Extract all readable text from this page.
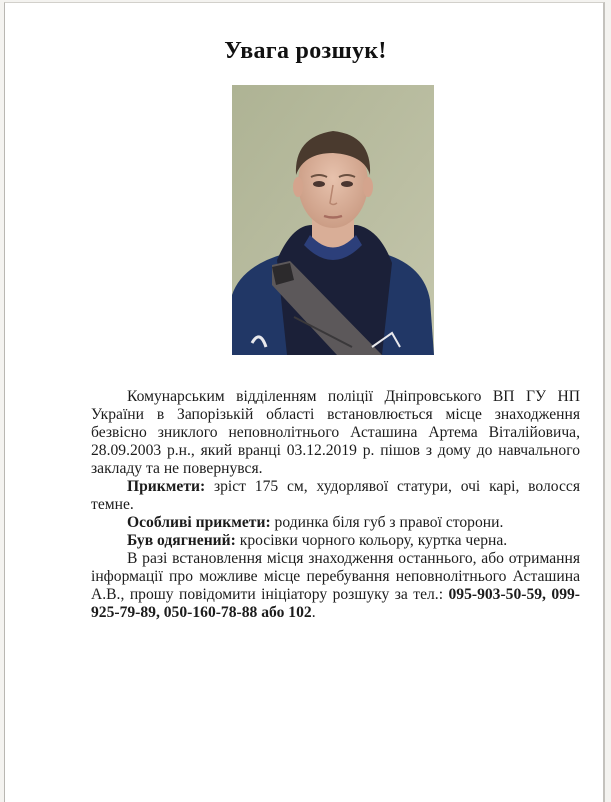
Увага розшук!

Комунарським відділенням поліції Дніпровського ВП ГУ НП України в Запорізькій області встановлюється місце знаходження безвісно зниклого неповнолітнього Асташина Артема Віталійовича, 28.09.2003 р.н., який вранці 03.12.2019 р. пішов з дому до навчального закладу та не повернувся.

Прикмети: зріст 175 см, худорлявої статури, очі карі, волосся темне.

Особливі прикмети: родинка біля губ з правої сторони.

Був одягнений: кросівки чорного кольору, куртка черна.

В разі встановлення місця знаходження останнього, або отримання інформації про можливе місце перебування неповнолітнього Асташина А.В., прошу повідомити ініціатору розшуку за тел.: 095-903-50-59, 099-925-79-89, 050-160-78-88 або 102.
